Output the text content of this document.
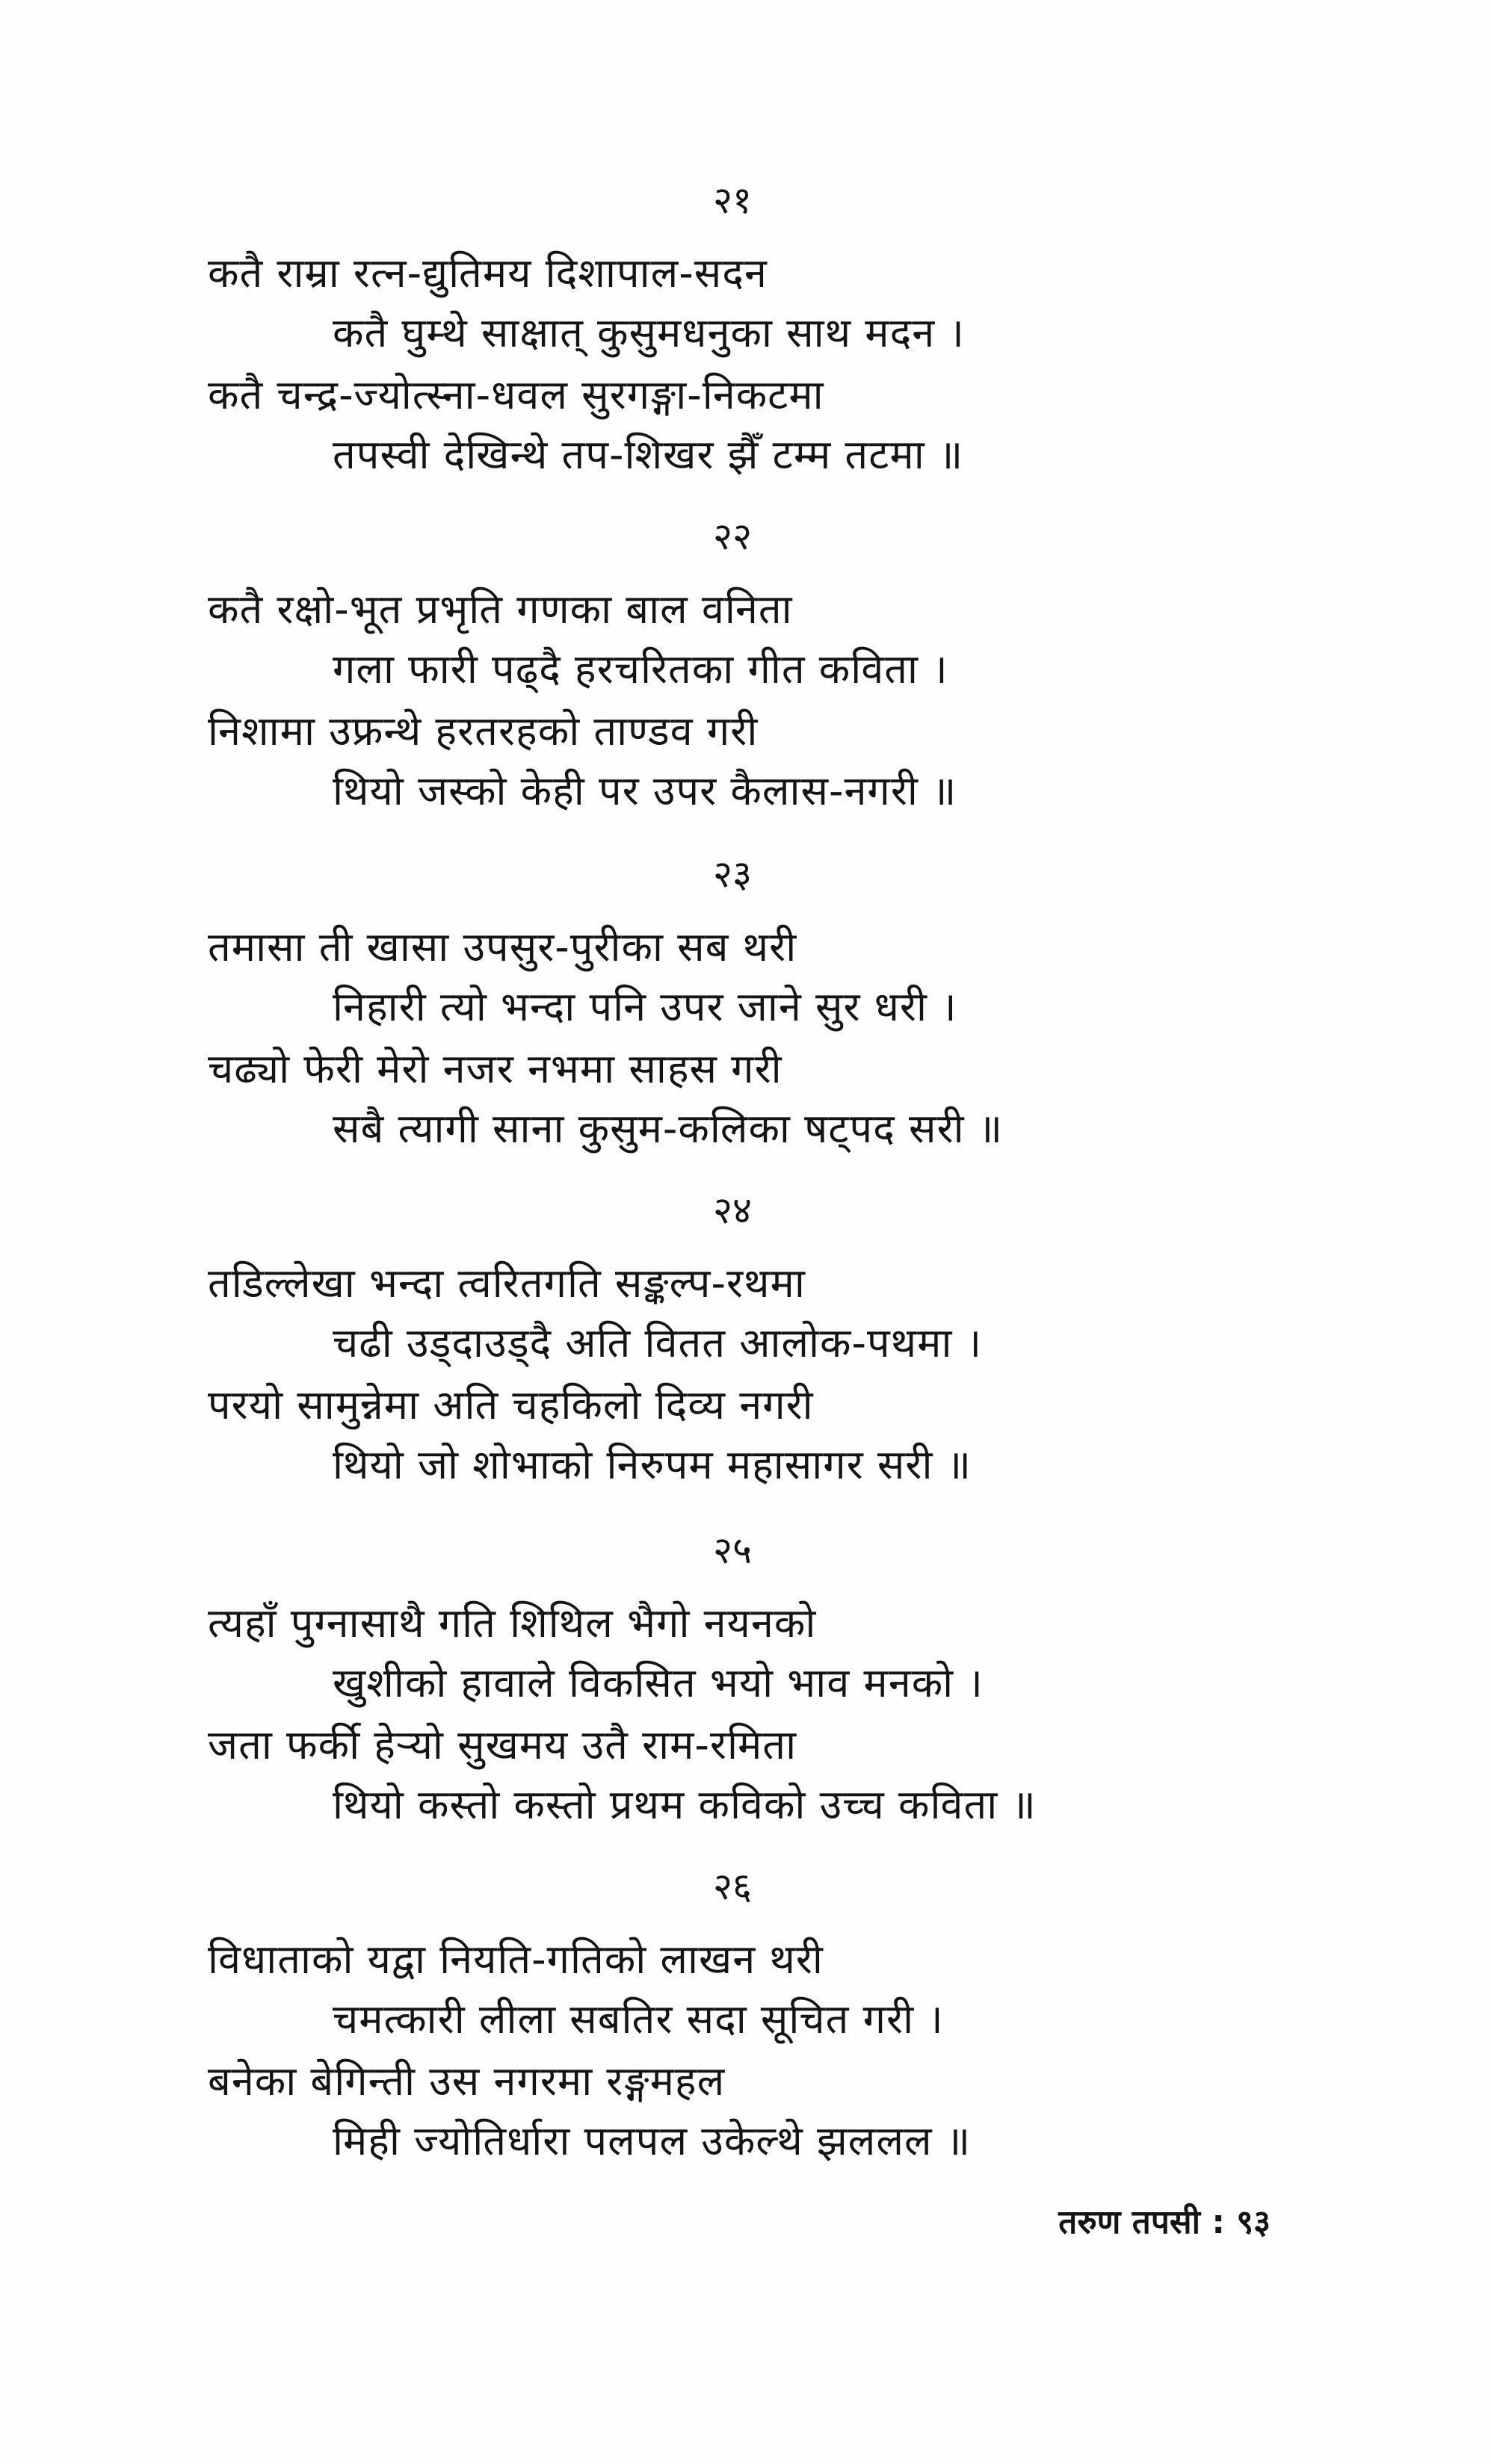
२१
कतै राम्रा रत्न-द्युतिमय दिशापाल-सदन
कतै घुम्थे साक्षात् कुसुमधनुका साथ मदन ।
कतै चन्द्र-ज्योत्स्ना-धवल सुरगङ्गा-निकटमा
तपस्वी देखिन्थे तप-शिखर झैँ टम्म तटमा ॥
२२
कतै रक्षो-भूत प्रभृति गणका बाल वनिता
गला फारी पढ्दै हरचरितका गीत कविता ।
निशामा उफ्रन्थे हरतरहको ताण्डव गरी
थियो जस्को केही पर उपर कैलास-नगरी ॥
२३
तमासा ती खासा उपसुर-पुरीका सब थरी
निहारी त्यो भन्दा पनि उपर जाने सुर धरी ।
चढ्यो फेरी मेरो नजर नभमा साहस गरी
सबै त्यागी साना कुसुम-कलिका षट्पद सरी ॥
२४
तडिल्लेखा भन्दा त्वरितगति सङ्कल्प-रथमा
चढी उड्दाउड्दै अति वितत आलोक-पथमा ।
परयो सामुन्नेमा अति चहकिलो दिव्य नगरी
थियो जो शोभाको निरुपम महासागर सरी ॥
२५
त्यहाँ पुग्नासाथै गति शिथिल भैगो नयनको
खुशीको हावाले विकसित भयो भाव मनको ।
जता फर्की हेर्‍यो सुखमय उतै राम-रमिता
थियो कस्तो कस्तो प्रथम कविको उच्च कविता ॥
२६
विधाताको यद्वा नियति-गतिको लाखन थरी
चमत्कारी लीला सबतिर सदा सूचित गरी ।
बनेका बेगिन्ती उस नगरमा रङ्गमहल
मिही ज्योतिर्धारा पलपल उकेल्थे झललल ॥
तरुण तपसी : ९३
